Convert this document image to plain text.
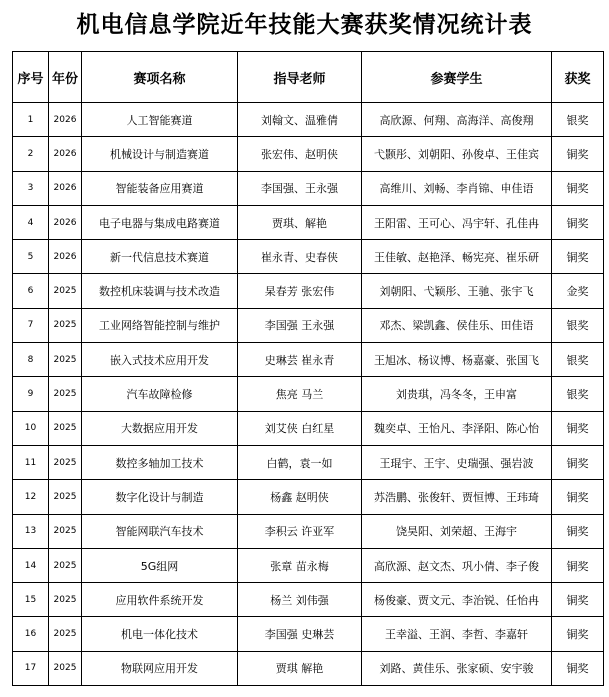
机电信息学院近年技能大赛获奖情况统计表
序号	年份	赛项名称	指导老师	参赛学生	获奖
1	2026	人工智能赛道	刘翰文、温雅倩	高欣源、何翔、高海洋、高俊翔	银奖
2	2026	机械设计与制造赛道	张宏伟、赵明侠	弋颢彤、刘朝阳、孙俊卓、王佳宾	铜奖
3	2026	智能装备应用赛道	李国强、王永强	高维川、刘畅、李肖锦、申佳语	铜奖
4	2026	电子电器与集成电路赛道	贾琪、解艳	王阳雷、王可心、冯宇轩、孔佳冉	铜奖
5	2026	新一代信息技术赛道	崔永青、史春侠	王佳敏、赵艳泽、畅宪亮、崔乐研	铜奖
6	2025	数控机床装调与技术改造	杲春芳 张宏伟	刘朝阳、弋颖彤、王驰、张宇飞	金奖
7	2025	工业网络智能控制与维护	李国强 王永强	邓杰、梁凯鑫、侯佳乐、田佳语	银奖
8	2025	嵌入式技术应用开发	史琳芸 崔永青	王旭冰、杨议博、杨嘉豪、张国飞	银奖
9	2025	汽车故障检修	焦亮 马兰	刘贵琪，冯冬冬，王申富	银奖
10	2025	大数据应用开发	刘艾侠 白红星	魏奕卓、王怡凡、李泽阳、陈心怡	铜奖
11	2025	数控多轴加工技术	白鹤，袁一如	王琨宇、王宇、史瑞强、强岩波	铜奖
12	2025	数字化设计与制造	杨鑫 赵明侠	苏浩鹏、张俊轩、贾恒博、王玮琦	铜奖
13	2025	智能网联汽车技术	李积云 许亚军	饶昊阳、刘荣超、王海宇	铜奖
14	2025	5G组网	张章 苗永梅	高欣源、赵文杰、巩小倩、李子俊	铜奖
15	2025	应用软件系统开发	杨兰 刘伟强	杨俊豪、贾文元、李治锐、任怡冉	铜奖
16	2025	机电一体化技术	李国强 史琳芸	王幸溢、王润、李哲、李嘉轩	铜奖
17	2025	物联网应用开发	贾琪 解艳	刘路、黄佳乐、张家硕、安宇骏	铜奖
